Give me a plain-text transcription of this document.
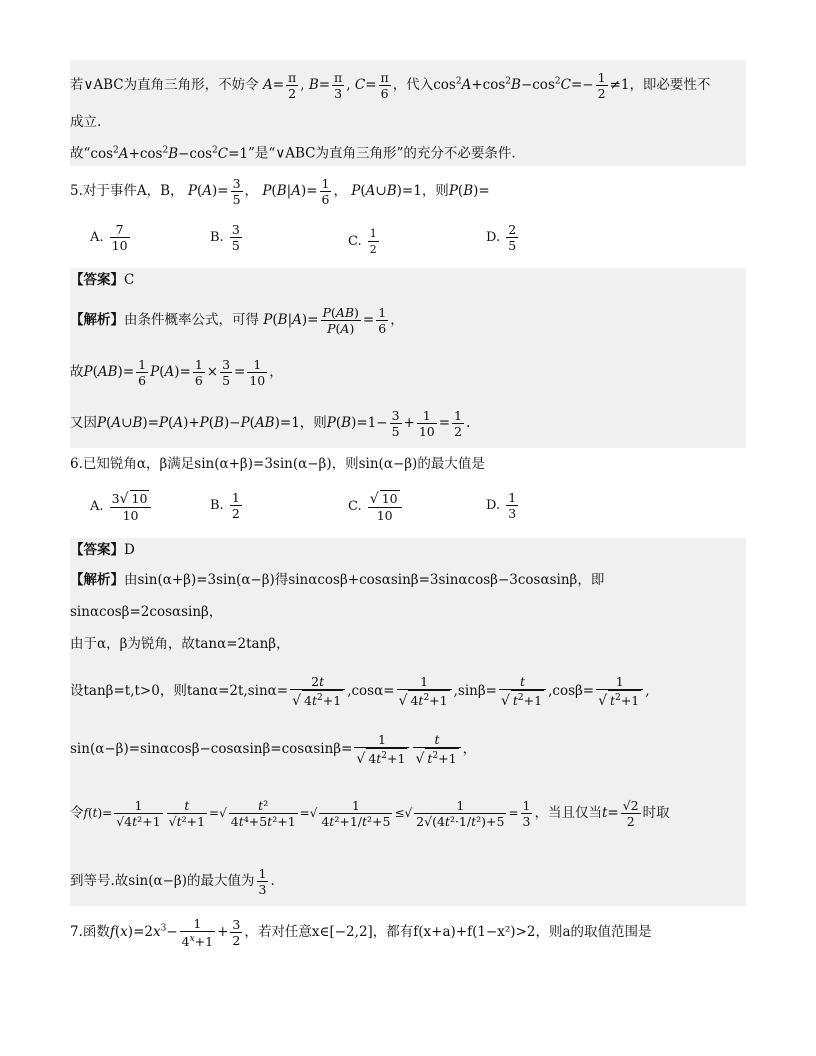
若∨ABC为直角三角形，不妨令 $A= \frac{\pi}{2}$ , $B= \frac{\pi}{3}$ , $C= \frac{\pi}{6}$ ，代入$\cos^2A+\cos^2B-\cos^2C=- \frac{1}{2} \ne 1$，即必要性不
成立.
故“$\cos^2A+\cos^2B-\cos^2C=1$”是“∨ABC为直角三角形”的充分不必要条件.
5.对于事件A，B， $P(A)= \frac{3}{5}$ ， $P(B|A)= \frac{1}{6}$ ， P(A∪B)=1，则P(B)=
A. $\frac{7}{10}$	B. $\frac{3}{5}$	C. $\frac{1}{2}$	D. $\frac{2}{5}$
【答案】C
【解析】由条件概率公式，可得 $P(B|A)= \frac{P(AB)}{P(A)} = \frac{1}{6}$ ，
故$P(AB)= \frac{1}{6} P(A)= \frac{1}{6} \times \frac{3}{5} = \frac{1}{10}$ ，
又因P(A∪B)=P(A)+P(B)−P(AB)=1，则$P(B)=1- \frac{3}{5} + \frac{1}{10} = \frac{1}{2}$ .
6.已知锐角α，β满足sin(α+β)=3sin(α−β)，则sin(α−β)的最大值是
A. $\frac{3 √ 10}{10}$	B. $\frac{1}{2}$	C. √ $\frac{10}{10}$	D. $\frac{1}{3}$
【答案】D
【解析】由sin(α+β)=3sin(α−β)得sinαcosβ+cosαsinβ=3sinαcosβ−3cosαsinβ，即
sinαcosβ=2cosαsinβ，
由于α，β为锐角，故tanα=2tanβ，
设tanβ=t,t>0，则tanα=2t,sinα= 2t
√ $4t^2+1$ ,cosα= 1
√ $4t^2+1$ ,sinβ= t
√ $t^2+1$ ,cosβ= 1
√ $t^2+1$ ,
sin(α−β)=sinαcosβ−cosαsinβ=cosαsinβ= 1
√ $4t^2+1$ t
√ $t^2+1$ ，
令$f(t)= \frac{1}{\text{√4t²+1}} \frac{t}{\text{√t²+1}}$ =√ $\frac{\text{t²}}{\text{4t⁴+5t²+1}}$ =√ $\frac{1}{\text{4t²+1/t²+5}}$ ≤√ $\frac{1}{\text{2√(4t²·1/t²)+5}} = \frac{1}{3}$ ，当且仅当$t= \frac{√2}{2}$ 时取
到等号.故sin(α−β)的最大值为 $\frac{1}{3}$ .
7.函数$f(x)=2x^3- \frac{1}{4^x+1} + \frac{3}{2}$ ，若对任意x∈[−2,2]，都有f(x+a)+f(1−x²)>2，则a的取值范围是
